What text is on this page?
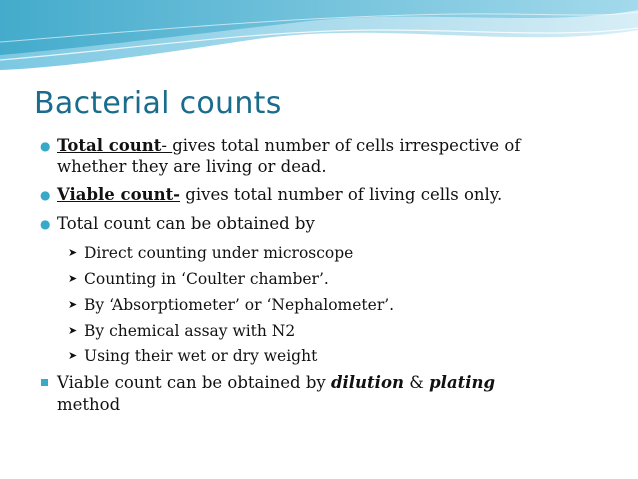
Bacterial counts
● Total count- gives total number of cells irrespective of
whether they are living or dead.
● Viable count- gives total number of living cells only.
● Total count can be obtained by
➤ Direct counting under microscope
➤ Counting in ‘Coulter chamber’.
➤ By ‘Absorptiometer’ or ‘Nephalometer’.
➤ By chemical assay with N2
➤ Using their wet or dry weight
Viable count can be obtained by dilution & plating
method
